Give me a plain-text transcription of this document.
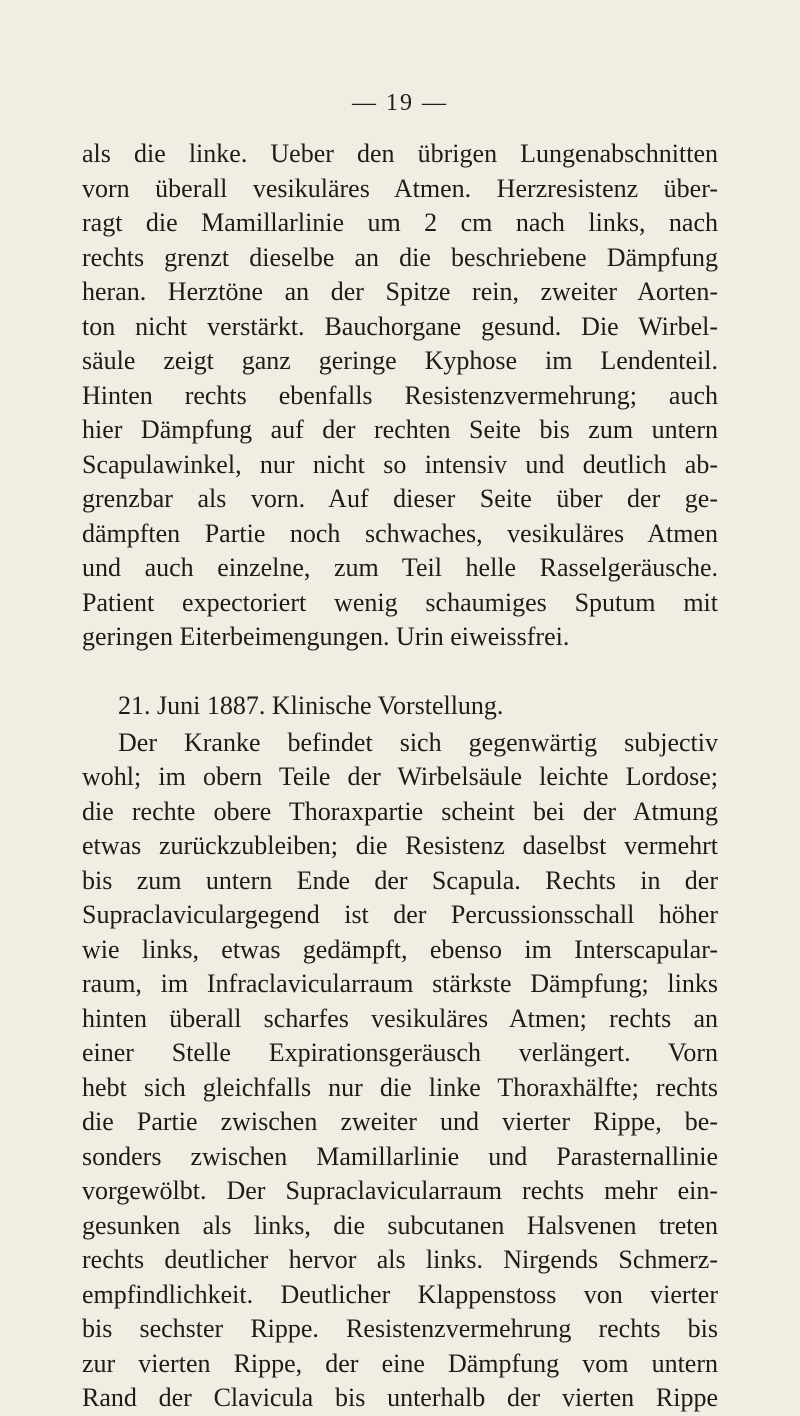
— 19 —
als die linke. Ueber den übrigen Lungenabschnitten
vorn überall vesikuläres Atmen. Herzresistenz über-
ragt die Mamillarlinie um 2 cm nach links, nach
rechts grenzt dieselbe an die beschriebene Dämpfung
heran. Herztöne an der Spitze rein, zweiter Aorten-
ton nicht verstärkt. Bauchorgane gesund. Die Wirbel-
säule zeigt ganz geringe Kyphose im Lendenteil.
Hinten rechts ebenfalls Resistenzvermehrung; auch
hier Dämpfung auf der rechten Seite bis zum untern
Scapulawinkel, nur nicht so intensiv und deutlich ab-
grenzbar als vorn. Auf dieser Seite über der ge-
dämpften Partie noch schwaches, vesikuläres Atmen
und auch einzelne, zum Teil helle Rasselgeräusche.
Patient expectoriert wenig schaumiges Sputum mit
geringen Eiterbeimengungen. Urin eiweissfrei.
21. Juni 1887. Klinische Vorstellung.
Der Kranke befindet sich gegenwärtig subjectiv
wohl; im obern Teile der Wirbelsäule leichte Lordose;
die rechte obere Thoraxpartie scheint bei der Atmung
etwas zurückzubleiben; die Resistenz daselbst vermehrt
bis zum untern Ende der Scapula. Rechts in der
Supraclaviculargegend ist der Percussionsschall höher
wie links, etwas gedämpft, ebenso im Interscapular-
raum, im Infraclavicularraum stärkste Dämpfung; links
hinten überall scharfes vesikuläres Atmen; rechts an
einer Stelle Expirationsgeräusch verlängert. Vorn
hebt sich gleichfalls nur die linke Thoraxhälfte; rechts
die Partie zwischen zweiter und vierter Rippe, be-
sonders zwischen Mamillarlinie und Parasternallinie
vorgewölbt. Der Supraclavicularraum rechts mehr ein-
gesunken als links, die subcutanen Halsvenen treten
rechts deutlicher hervor als links. Nirgends Schmerz-
empfindlichkeit. Deutlicher Klappenstoss von vierter
bis sechster Rippe. Resistenzvermehrung rechts bis
zur vierten Rippe, der eine Dämpfung vom untern
Rand der Clavicula bis unterhalb der vierten Rippe
